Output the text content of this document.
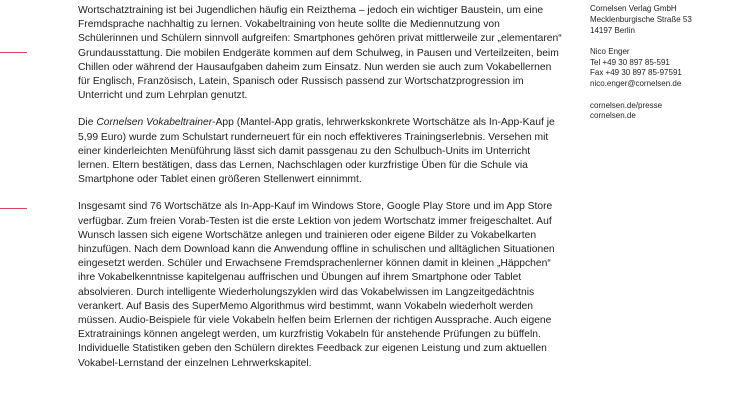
Wortschatztraining ist bei Jugendlichen häufig ein Reizthema – jedoch ein wichtiger Baustein, um eine Fremdsprache nachhaltig zu lernen. Vokabeltraining von heute sollte die Mediennutzung von Schülerinnen und Schülern sinnvoll aufgreifen: Smartphones gehören privat mittlerweile zur „elementaren“ Grundausstattung. Die mobilen Endgeräte kommen auf dem Schulweg, in Pausen und Verteilzeiten, beim Chillen oder während der Hausaufgaben daheim zum Einsatz. Nun werden sie auch zum Vokabellernen für Englisch, Französisch, Latein, Spanisch oder Russisch passend zur Wortschatzprogression im Unterricht und zum Lehrplan genutzt.

Die Cornelsen Vokabeltrainer-App (Mantel-App gratis, lehrwerkskonkrete Wortschätze als In-App-Kauf je 5,99 Euro) wurde zum Schulstart runderneuert für ein noch effektiveres Trainingserlebnis. Versehen mit einer kinderleichten Menüführung lässt sich damit passgenau zu den Schulbuch-Units im Unterricht lernen. Eltern bestätigen, dass das Lernen, Nachschlagen oder kurzfristige Üben für die Schule via Smartphone oder Tablet einen größeren Stellenwert einnimmt.

Insgesamt sind 76 Wortschätze als In-App-Kauf im Windows Store, Google Play Store und im App Store verfügbar. Zum freien Vorab-Testen ist die erste Lektion von jedem Wortschatz immer freigeschaltet. Auf Wunsch lassen sich eigene Wortschätze anlegen und trainieren oder eigene Bilder zu Vokabelkarten hinzufügen. Nach dem Download kann die Anwendung offline in schulischen und alltäglichen Situationen eingesetzt werden. Schüler und Erwachsene Fremdsprachenlerner können damit in kleinen „Häppchen“ ihre Vokabelkenntnisse kapitelgenau auffrischen und Übungen auf ihrem Smartphone oder Tablet absolvieren. Durch intelligente Wiederholungszyklen wird das Vokabelwissen im Langzeitgedächtnis verankert. Auf Basis des SuperMemo Algorithmus wird bestimmt, wann Vokabeln wiederholt werden müssen. Audio-Beispiele für viele Vokabeln helfen beim Erlernen der richtigen Aussprache. Auch eigene Extratrainings können angelegt werden, um kurzfristig Vokabeln für anstehende Prüfungen zu büffeln. Individuelle Statistiken geben den Schülern direktes Feedback zur eigenen Leistung und zum aktuellen Vokabel-Lernstand der einzelnen Lehrwerkskapitel.

Cornelsen Verlag GmbH
Mecklenburgische Straße 53
14197 Berlin
Nico Enger
Tel +49 30 897 85-591
Fax +49 30 897 85-97591
nico.enger@cornelsen.de
cornelsen.de/presse
cornelsen.de
